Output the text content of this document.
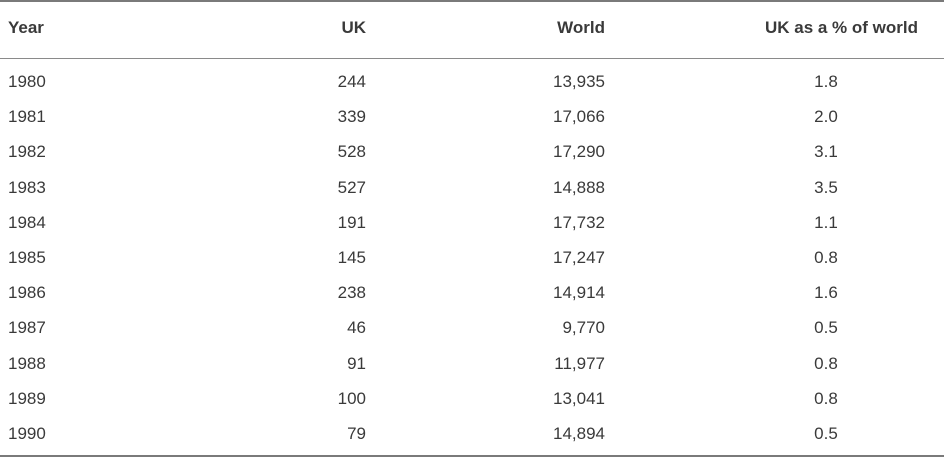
Year	UK	World	UK as a % of world
1980	244	13,935	1.8
1981	339	17,066	2.0
1982	528	17,290	3.1
1983	527	14,888	3.5
1984	191	17,732	1.1
1985	145	17,247	0.8
1986	238	14,914	1.6
1987	46	9,770	0.5
1988	91	11,977	0.8
1989	100	13,041	0.8
1990	79	14,894	0.5
